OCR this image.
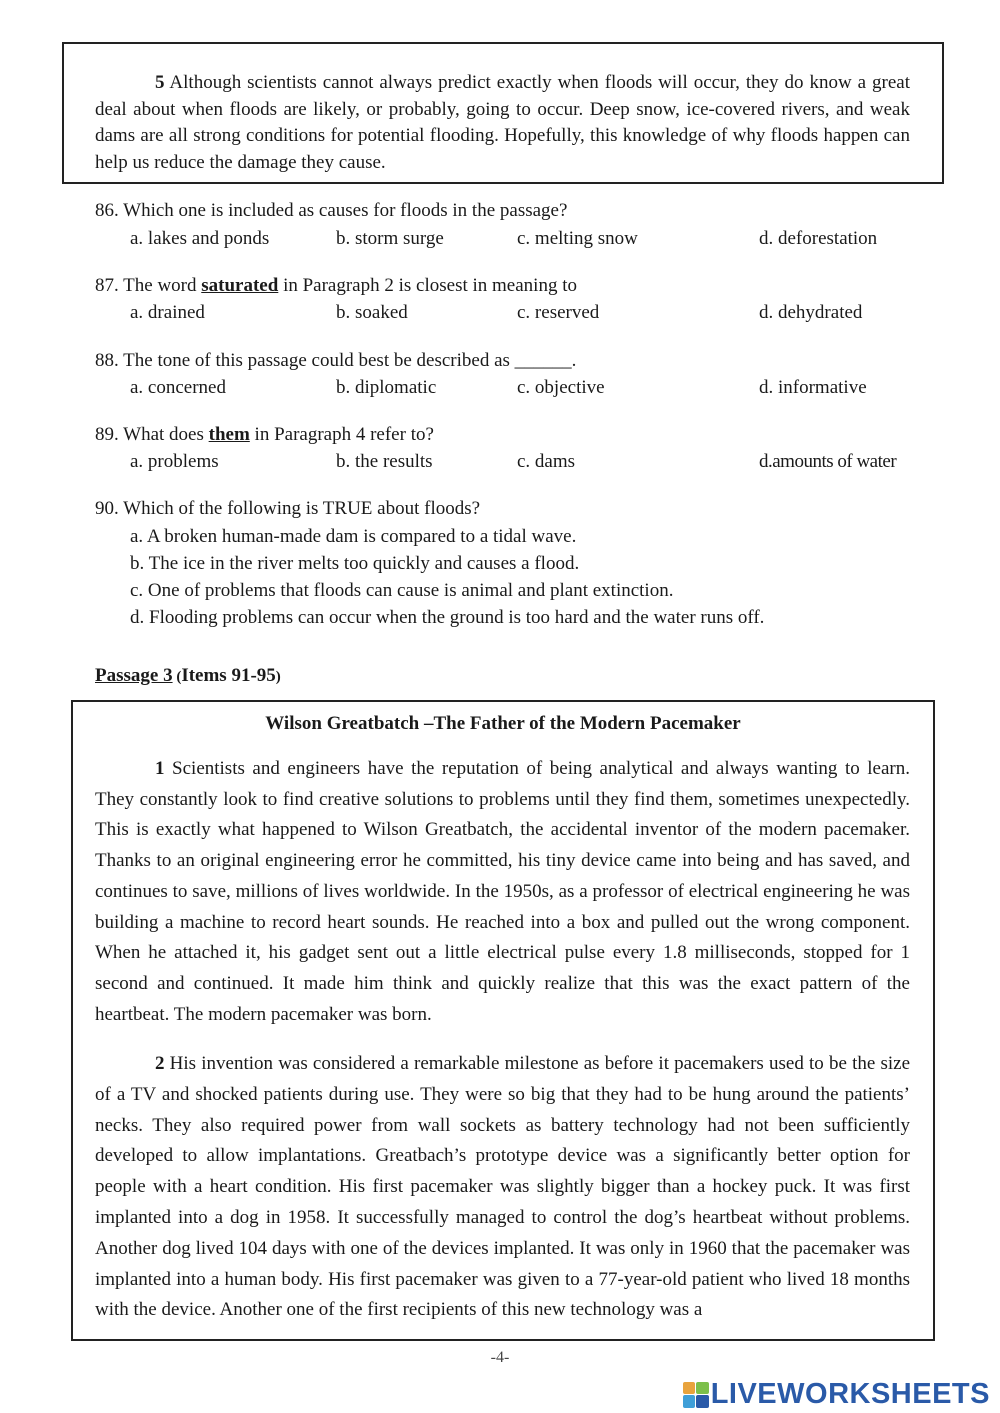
5 Although scientists cannot always predict exactly when floods will occur, they do know a great deal about when floods are likely, or probably, going to occur. Deep snow, ice-covered rivers, and weak dams are all strong conditions for potential flooding. Hopefully, this knowledge of why floods happen can help us reduce the damage they cause.
86. Which one is included as causes for floods in the passage?
a. lakes and ponds	b. storm surge	c. melting snow	d. deforestation
87. The word saturated in Paragraph 2 is closest in meaning to
a. drained	b. soaked	c. reserved	d. dehydrated
88. The tone of this passage could best be described as ______.
a. concerned	b. diplomatic	c. objective	d. informative
89. What does them in Paragraph 4 refer to?
a. problems	b. the results	c. dams	d.amounts of water
90. Which of the following is TRUE about floods?
a. A broken human-made dam is compared to a tidal wave.
b. The ice in the river melts too quickly and causes a flood.
c. One of problems that floods can cause is animal and plant extinction.
d. Flooding problems can occur when the ground is too hard and the water runs off.
Passage 3 (Items 91-95)
Wilson Greatbatch –The Father of the Modern Pacemaker
1 Scientists and engineers have the reputation of being analytical and always wanting to learn. They constantly look to find creative solutions to problems until they find them, sometimes unexpectedly. This is exactly what happened to Wilson Greatbatch, the accidental inventor of the modern pacemaker. Thanks to an original engineering error he committed, his tiny device came into being and has saved, and continues to save, millions of lives worldwide. In the 1950s, as a professor of electrical engineering he was building a machine to record heart sounds. He reached into a box and pulled out the wrong component. When he attached it, his gadget sent out a little electrical pulse every 1.8 milliseconds, stopped for 1 second and continued. It made him think and quickly realize that this was the exact pattern of the heartbeat. The modern pacemaker was born.
2 His invention was considered a remarkable milestone as before it pacemakers used to be the size of a TV and shocked patients during use. They were so big that they had to be hung around the patients’ necks. They also required power from wall sockets as battery technology had not been sufficiently developed to allow implantations. Greatbach’s prototype device was a significantly better option for people with a heart condition. His first pacemaker was slightly bigger than a hockey puck. It was first implanted into a dog in 1958. It successfully managed to control the dog’s heartbeat without problems. Another dog lived 104 days with one of the devices implanted. It was only in 1960 that the pacemaker was implanted into a human body. His first pacemaker was given to a 77-year-old patient who lived 18 months with the device. Another one of the first recipients of this new technology was a
-4-
LIVEWORKSHEETS
